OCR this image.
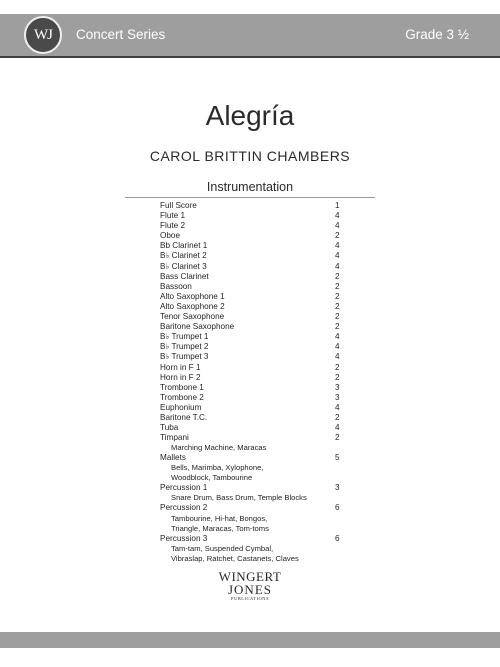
WJ	Concert Series	Grade 3 ½
Alegría
CAROL BRITTIN CHAMBERS
Instrumentation
Full Score	1
Flute 1	4
Flute 2	4
Oboe	2
Bb Clarinet 1	4
B♭ Clarinet 2	4
B♭ Clarinet 3	4
Bass Clarinet	2
Bassoon	2
Alto Saxophone 1	2
Alto Saxophone 2	2
Tenor Saxophone	2
Baritone Saxophone	2
B♭ Trumpet 1	4
B♭ Trumpet 2	4
B♭ Trumpet 3	4
Horn in F 1	2
Horn in F 2	2
Trombone 1	3
Trombone 2	3
Euphonium	4
Baritone T.C.	2
Tuba	4
Timpani	2
Marching Machine, Maracas
Mallets	5
Bells, Marimba, Xylophone,
Woodblock, Tambourine
Percussion 1	3
Snare Drum, Bass Drum, Temple Blocks
Percussion 2	6
Tambourine, Hi-hat, Bongos,
Triangle, Maracas, Tom-toms
Percussion 3	6
Tam-tam, Suspended Cymbal,
Vibraslap, Ratchet, Castanets, Claves
WINGERT
JONES
PUBLICATIONS
